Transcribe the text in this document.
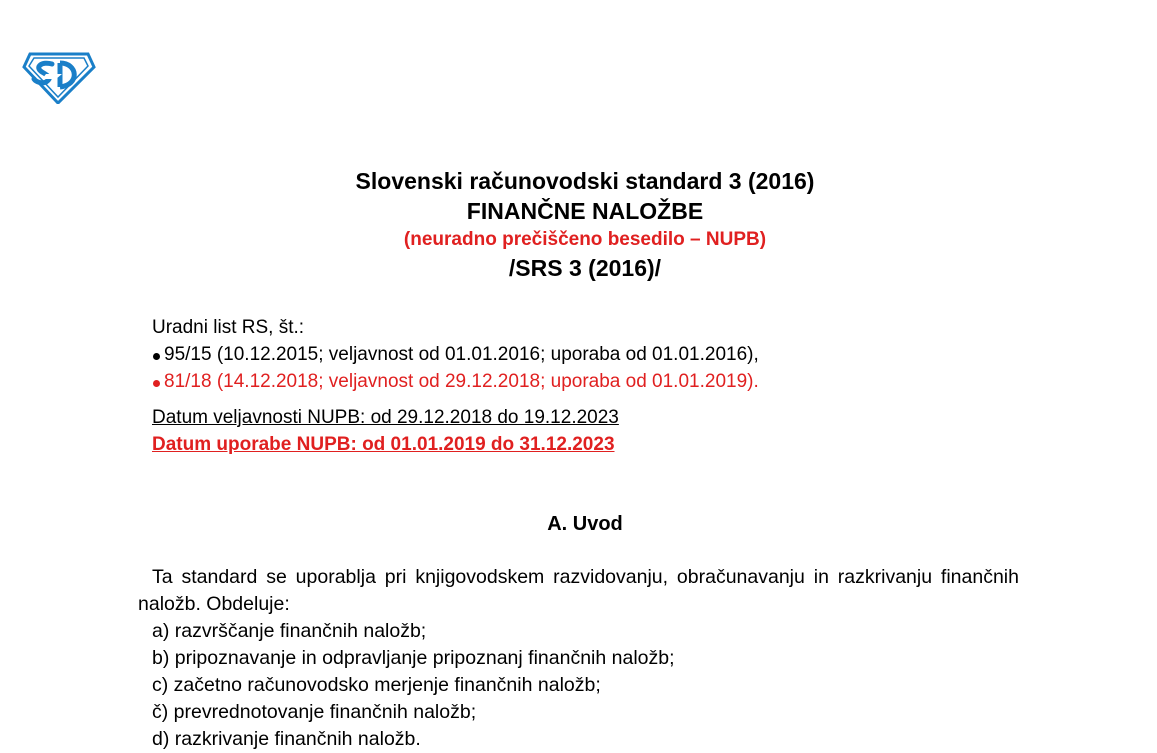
Slovenski računovodski standard 3 (2016)
FINANČNE NALOŽBE
(neuradno prečiščeno besedilo – NUPB)
/SRS 3 (2016)/
Uradni list RS, št.:
95/15 (10.12.2015; veljavnost od 01.01.2016; uporaba od 01.01.2016),
81/18 (14.12.2018; veljavnost od 29.12.2018; uporaba od 01.01.2019).
Datum veljavnosti NUPB: od 29.12.2018 do 19.12.2023
Datum uporabe NUPB: od 01.01.2019 do 31.12.2023
A. Uvod
Ta standard se uporablja pri knjigovodskem razvidovanju, obračunavanju in razkrivanju finančnih naložb. Obdeluje:
a) razvrščanje finančnih naložb;
b) pripoznavanje in odpravljanje pripoznanj finančnih naložb;
c) začetno računovodsko merjenje finančnih naložb;
č) prevrednotovanje finančnih naložb;
d) razkrivanje finančnih naložb.
